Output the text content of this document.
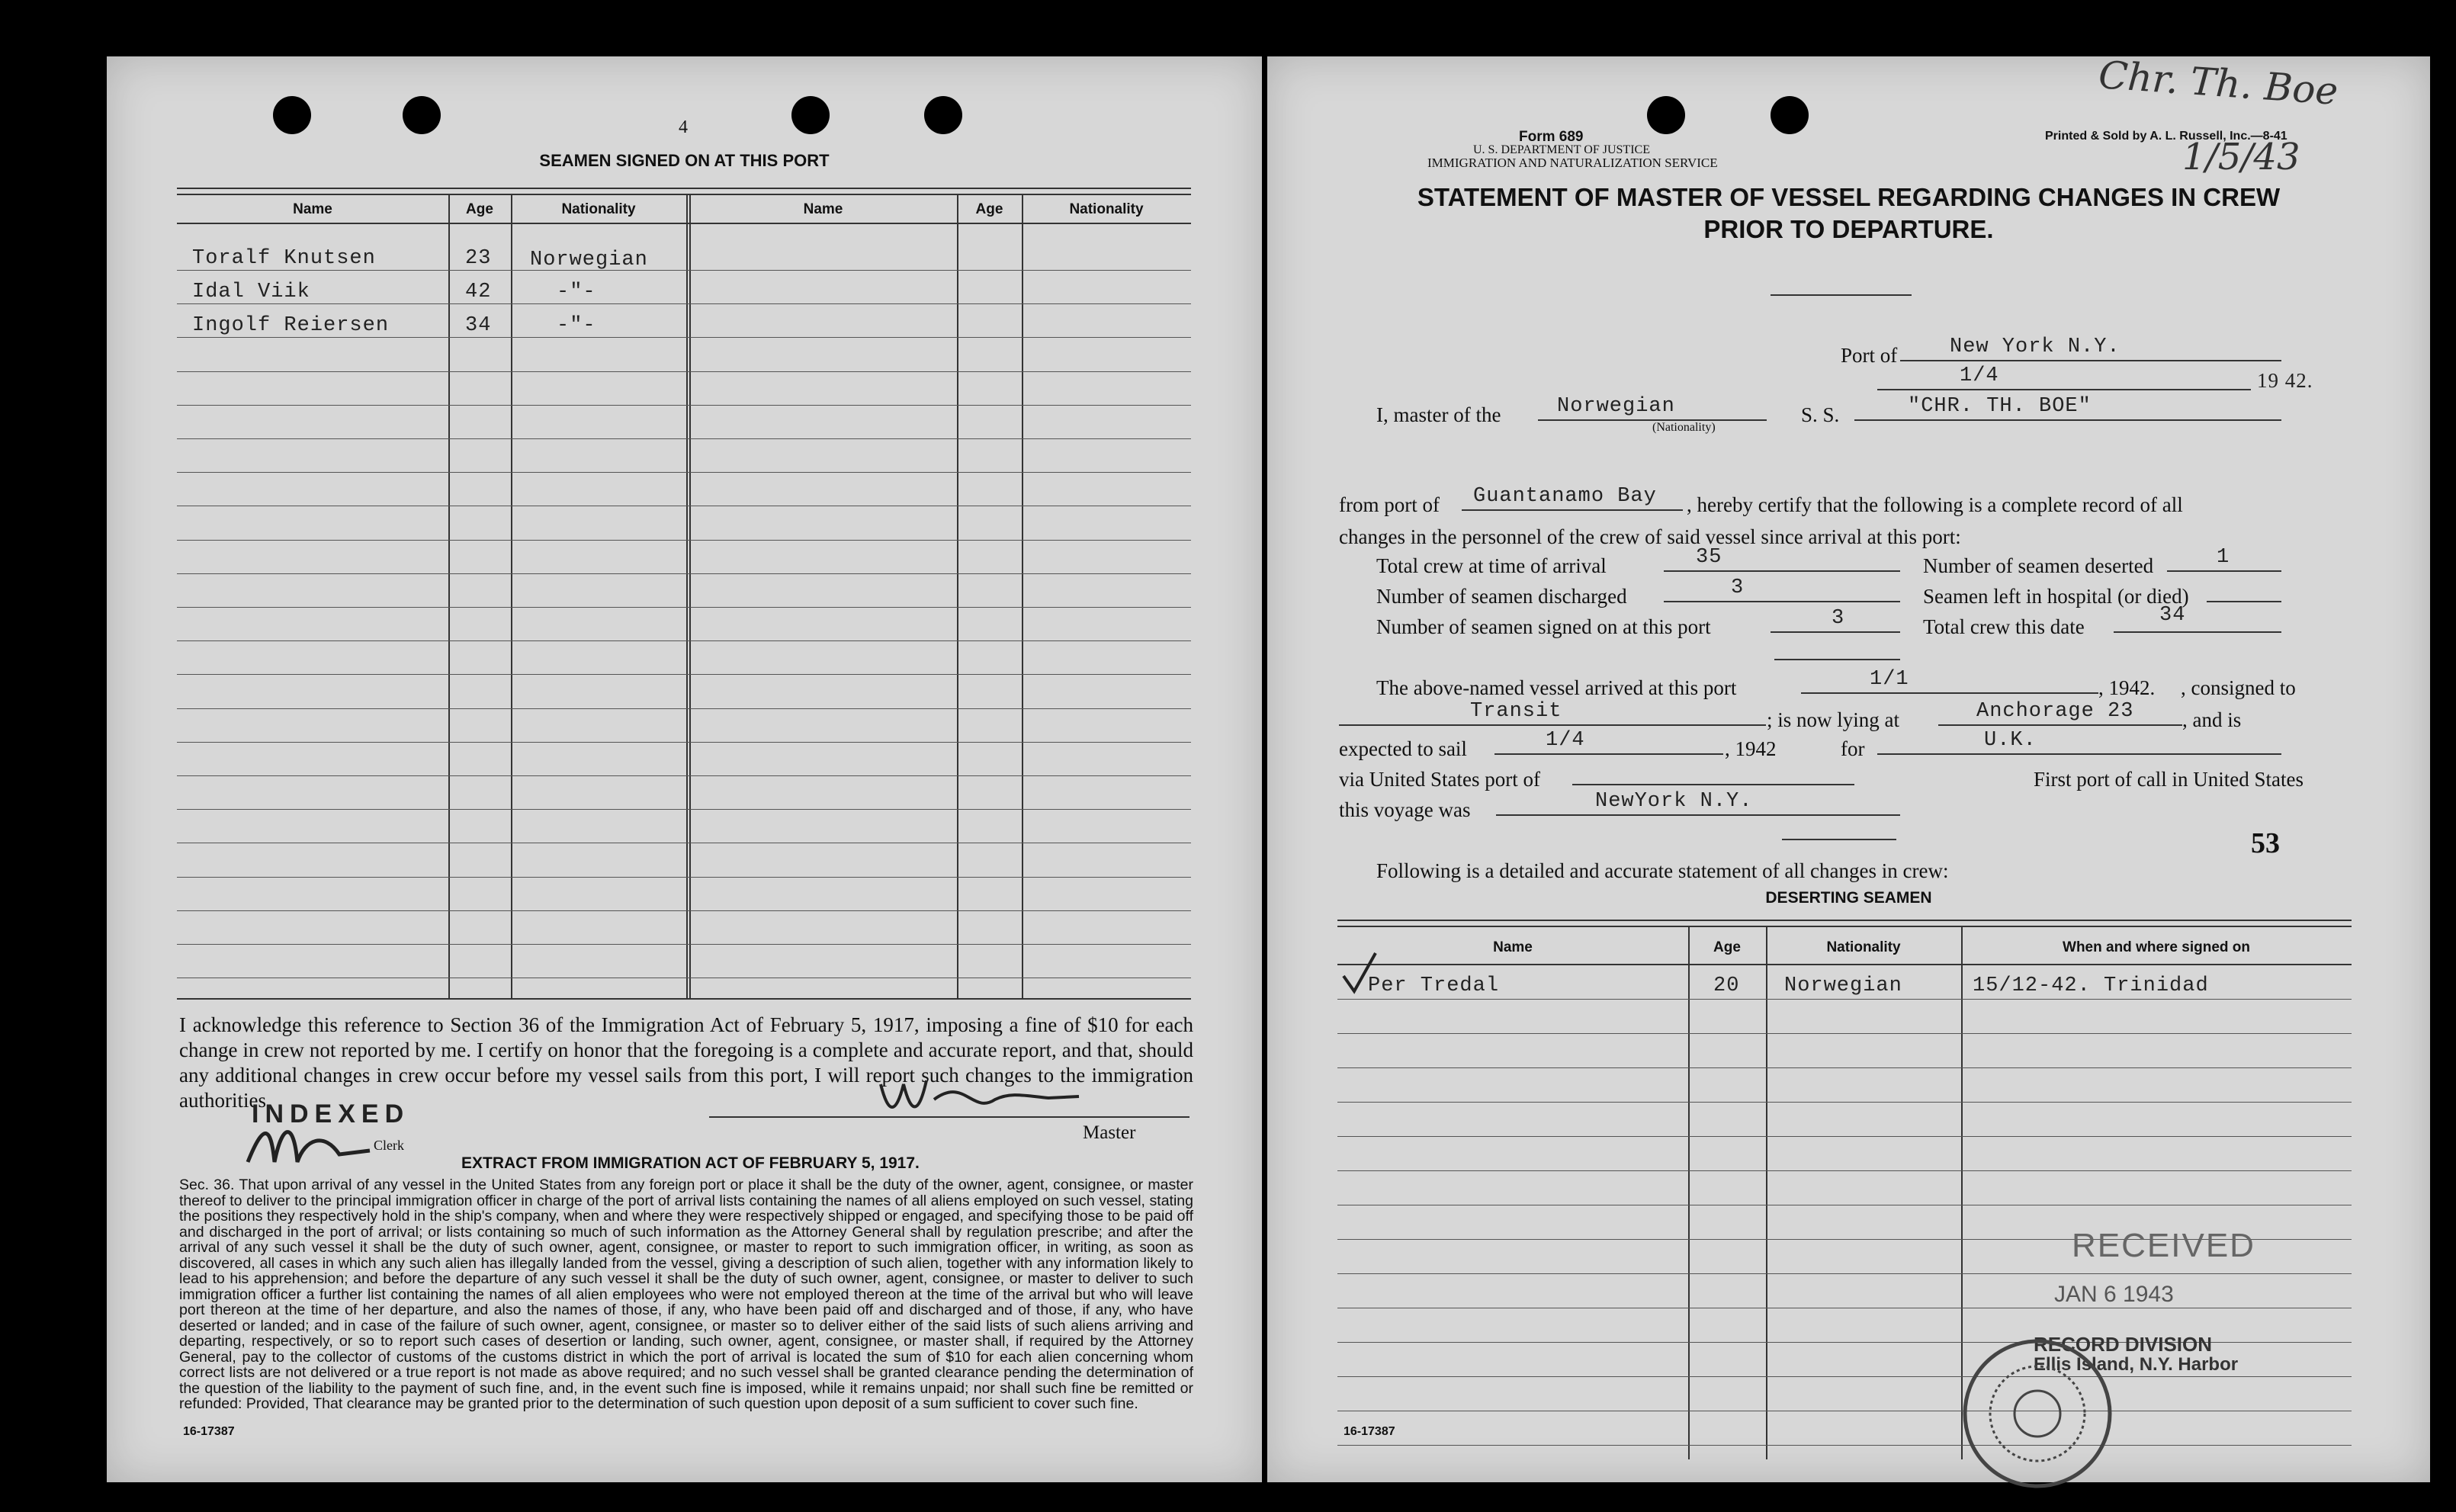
4
SEAMEN SIGNED ON AT THIS PORT
Name	Age	Nationality	Name	Age	Nationality
Toralf Knutsen	23 Norwegian
Idal Viik	42	-"-
Ingolf Reiersen	34	-"-
I acknowledge this reference to Section 36 of the Immigration Act of February 5, 1917, imposing a fine of $10 for each change in crew not reported by me. I certify on honor that the foregoing is a complete and accurate report, and that, should any additional changes in crew occur before my vessel sails from this port, I will report such changes to the immigration authorities.
INDEXED
Clerk
Master
EXTRACT FROM IMMIGRATION ACT OF FEBRUARY 5, 1917.
Sec. 36. That upon arrival of any vessel in the United States from any foreign port or place it shall be the duty of the owner, agent, consignee, or master thereof to deliver to the principal immigration officer in charge of the port of arrival lists containing the names of all aliens employed on such vessel, stating the positions they respectively hold in the ship's company, when and where they were respectively shipped or engaged, and specifying those to be paid off and discharged in the port of arrival; or lists containing so much of such information as the Attorney General shall by regulation prescribe; and after the arrival of any such vessel it shall be the duty of such owner, agent, consignee, or master to report to such immigration officer, in writing, as soon as discovered, all cases in which any such alien has illegally landed from the vessel, giving a description of such alien, together with any information likely to lead to his apprehension; and before the departure of any such vessel it shall be the duty of such owner, agent, consignee, or master to deliver to such immigration officer a further list containing the names of all alien employees who were not employed thereon at the time of the arrival but who will leave port thereon at the time of her departure, and also the names of those, if any, who have been paid off and discharged and of those, if any, who have deserted or landed; and in case of the failure of such owner, agent, consignee, or master so to deliver either of the said lists of such aliens arriving and departing, respectively, or so to report such cases of desertion or landing, such owner, agent, consignee, or master shall, if required by the Attorney General, pay to the collector of customs of the customs district in which the port of arrival is located the sum of $10 for each alien concerning whom correct lists are not delivered or a true report is not made as above required; and no such vessel shall be granted clearance pending the determination of the question of the liability to the payment of such fine, and, in the event such fine is imposed, while it remains unpaid; nor shall such fine be remitted or refunded: Provided, That clearance may be granted prior to the determination of such question upon deposit of a sum sufficient to cover such fine.
16-17387
Form 689
U. S. DEPARTMENT OF JUSTICE
IMMIGRATION AND NATURALIZATION SERVICE
Printed & Sold by A. L. Russell, Inc.—8-41
Chr. Th. Boe
1/5/43
STATEMENT OF MASTER OF VESSEL REGARDING CHANGES IN CREW
PRIOR TO DEPARTURE.
Port of	New York N.Y.
1/4	19 42.
I, master of the	Norwegian
(Nationality)
S. S.	"CHR. TH. BOE"
from port of Guantanamo Bay , hereby certify that the following is a complete record of all
changes in the personnel of the crew of said vessel since arrival at this port:
Total crew at time of arrival	35	Number of seamen deserted	1
Number of seamen discharged	3	Seamen left in hospital (or died)
Number of seamen signed on at this port	3	Total crew this date	34
The above-named vessel arrived at this port	1/1	, 1942. , consigned to
Transit	; is now lying at	Anchorage 23 , and is
expected to sail	1/4	, 1942	for	U.K.
via United States port of	First port of call in United States
this voyage was	NewYork N.Y.
53
Following is a detailed and accurate statement of all changes in crew:
DESERTING SEAMEN
Name	Age	Nationality	When and where signed on
Per Tredal	20 Norwegian	15/12-42. Trinidad
RECEIVED
JAN 6 1943
RECORD DIVISION
Ellis Island, N.Y. Harbor
16-17387
